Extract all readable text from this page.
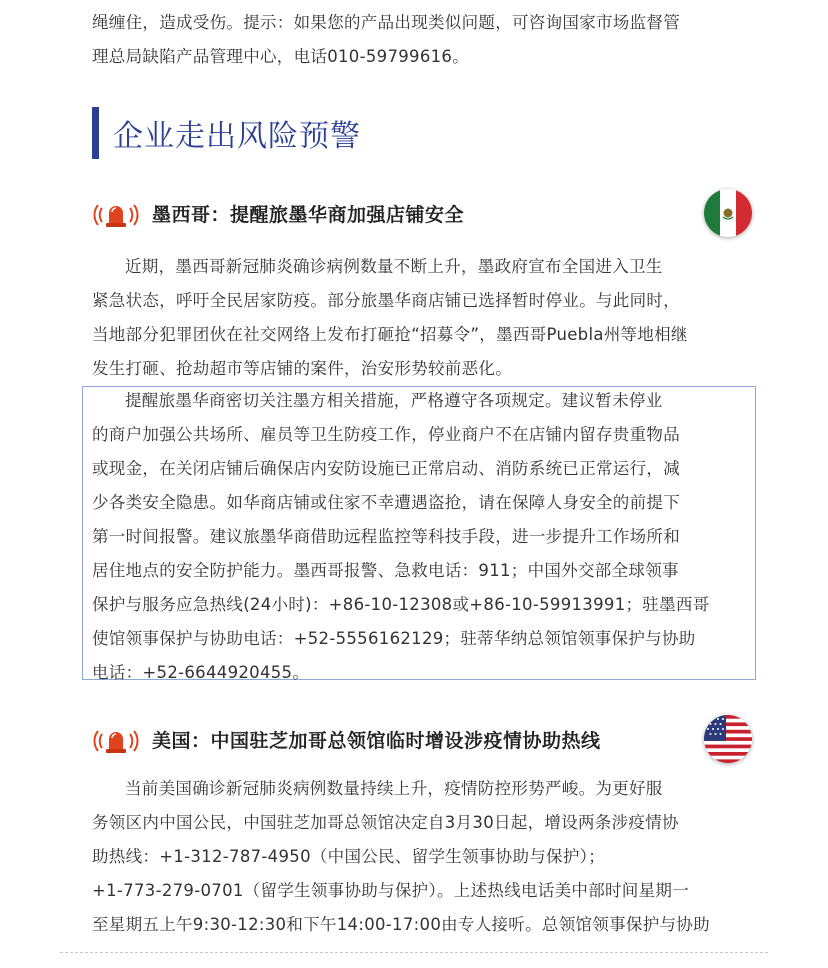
绳缠住，造成受伤。提示：如果您的产品出现类似问题，可咨询国家市场监督管
理总局缺陷产品管理中心，电话010-59799616。
企业走出风险预警
墨西哥：提醒旅墨华商加强店铺安全
近期，墨西哥新冠肺炎确诊病例数量不断上升，墨政府宣布全国进入卫生
紧急状态，呼吁全民居家防疫。部分旅墨华商店铺已选择暂时停业。与此同时，
当地部分犯罪团伙在社交网络上发布打砸抢“招募令”，墨西哥Puebla州等地相继
发生打砸、抢劫超市等店铺的案件，治安形势较前恶化。
提醒旅墨华商密切关注墨方相关措施，严格遵守各项规定。建议暂未停业
的商户加强公共场所、雇员等卫生防疫工作，停业商户不在店铺内留存贵重物品
或现金，在关闭店铺后确保店内安防设施已正常启动、消防系统已正常运行，减
少各类安全隐患。如华商店铺或住家不幸遭遇盗抢，请在保障人身安全的前提下
第一时间报警。建议旅墨华商借助远程监控等科技手段，进一步提升工作场所和
居住地点的安全防护能力。墨西哥报警、急救电话：911；中国外交部全球领事
保护与服务应急热线(24小时)：+86-10-12308或+86-10-59913991；驻墨西哥
使馆领事保护与协助电话：+52-5556162129；驻蒂华纳总领馆领事保护与协助
电话：+52-6644920455。
美国：中国驻芝加哥总领馆临时增设涉疫情协助热线
当前美国确诊新冠肺炎病例数量持续上升，疫情防控形势严峻。为更好服
务领区内中国公民，中国驻芝加哥总领馆决定自3月30日起，增设两条涉疫情协
助热线：+1-312-787-4950（中国公民、留学生领事协助与保护）；
+1-773-279-0701（留学生领事协助与保护）。上述热线电话美中部时间星期一
至星期五上午9:30-12:30和下午14:00-17:00由专人接听。总领馆领事保护与协助
